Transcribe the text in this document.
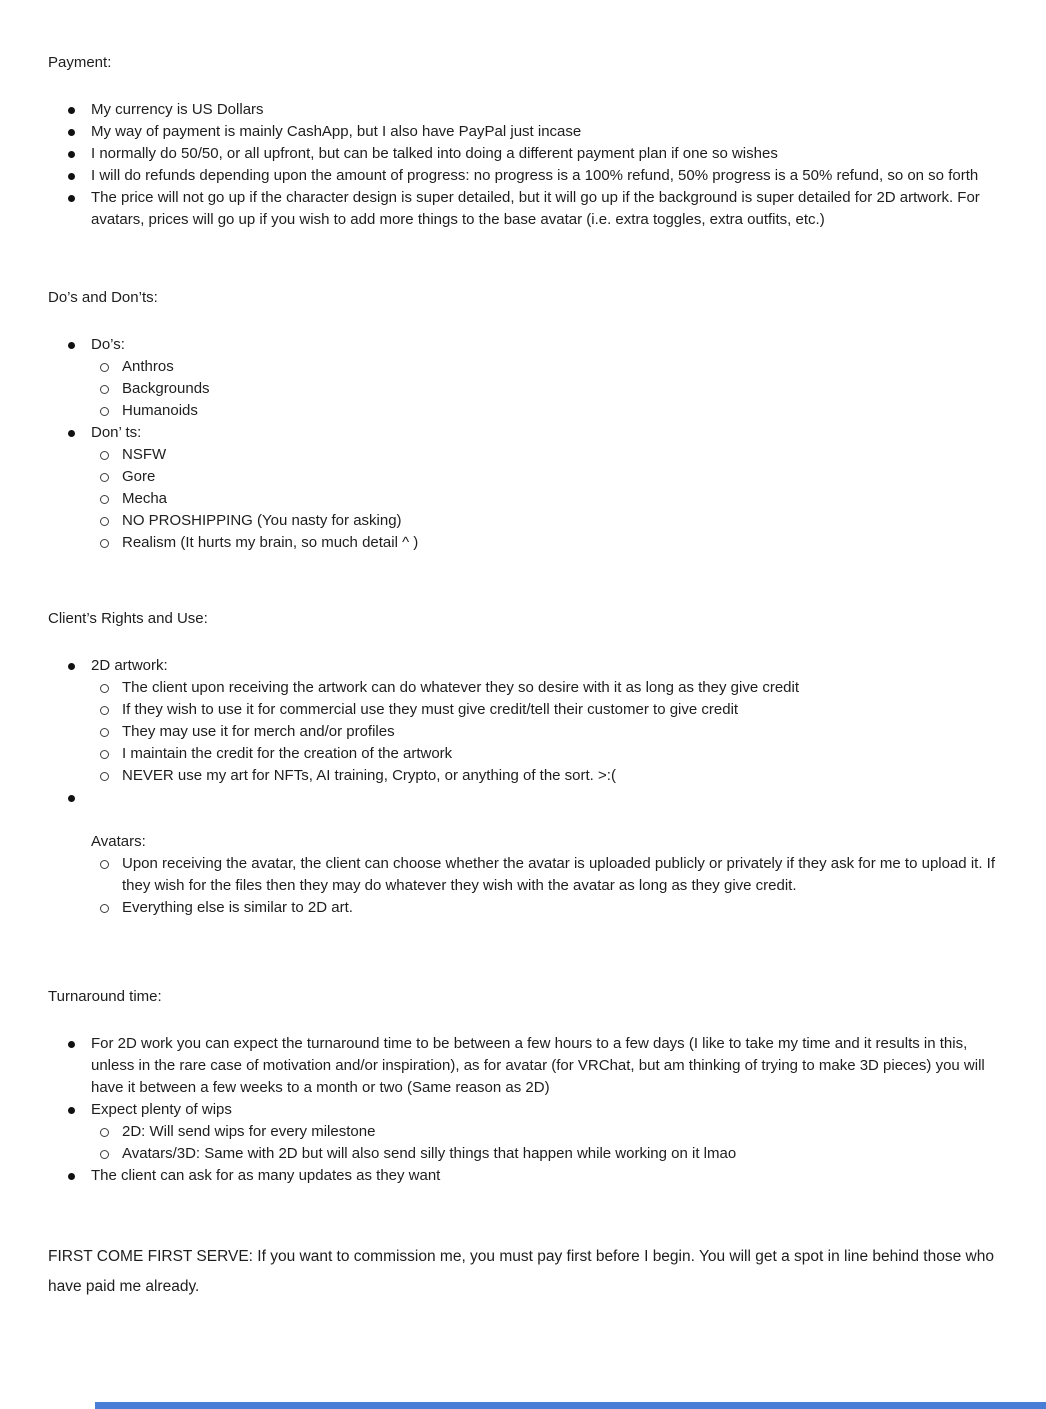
Payment:

My currency is US Dollars
My way of payment is mainly CashApp, but I also have PayPal just incase
I normally do 50/50, or all upfront, but can be talked into doing a different payment plan if one so wishes
I will do refunds depending upon the amount of progress: no progress is a 100% refund, 50% progress is a 50% refund, so on so forth
The price will not go up if the character design is super detailed, but it will go up if the background is super detailed for 2D artwork. For avatars, prices will go up if you wish to add more things to the base avatar (i.e. extra toggles, extra outfits, etc.)

Do’s and Don’ts:

Do’s:
Anthros
Backgrounds
Humanoids
Don’ ts:
NSFW
Gore
Mecha
NO PROSHIPPING (You nasty for asking)
Realism (It hurts my brain, so much detail ^ )

Client’s Rights and Use:

2D artwork:
The client upon receiving the artwork can do whatever they so desire with it as long as they give credit
If they wish to use it for commercial use they must give credit/tell their customer to give credit
They may use it for merch and/or profiles
I maintain the credit for the creation of the artwork
NEVER use my art for NFTs, AI training, Crypto, or anything of the sort. >:(
Avatars:
Upon receiving the avatar, the client can choose whether the avatar is uploaded publicly or privately if they ask for me to upload it. If they wish for the files then they may do whatever they wish with the avatar as long as they give credit.
Everything else is similar to 2D art.

Turnaround time:

For 2D work you can expect the turnaround time to be between a few hours to a few days (I like to take my time and it results in this, unless in the rare case of motivation and/or inspiration), as for avatar (for VRChat, but am thinking of trying to make 3D pieces) you will have it between a few weeks to a month or two (Same reason as 2D)
Expect plenty of wips
2D: Will send wips for every milestone
Avatars/3D: Same with 2D but will also send silly things that happen while working on it lmao
The client can ask for as many updates as they want

FIRST COME FIRST SERVE: If you want to commission me, you must pay first before I begin. You will get a spot in line behind those who have paid me already.
